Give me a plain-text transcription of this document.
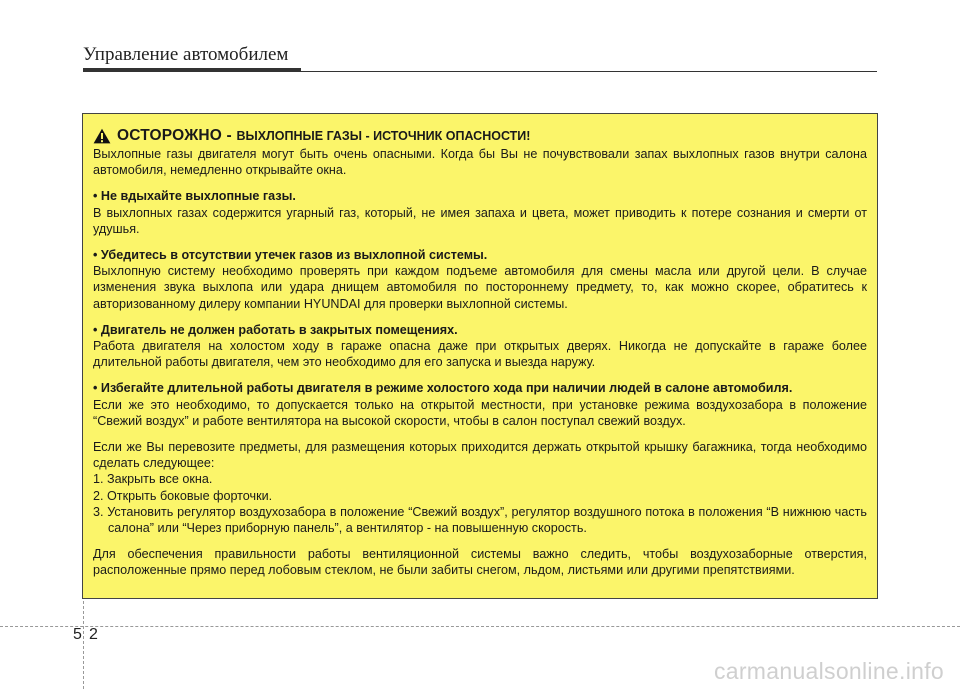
Управление автомобилем
ОСТОРОЖНО - ВЫХЛОПНЫЕ ГАЗЫ - ИСТОЧНИК ОПАСНОСТИ!

Выхлопные газы двигателя могут быть очень опасными. Когда бы Вы не почувствовали запах выхлопных газов внутри салона автомобиля, немедленно открывайте окна.

• Не вдыхайте выхлопные газы.

В выхлопных газах содержится угарный газ, который, не имея запаха и цвета, может приводить к потере сознания и смерти от удушья.

• Убедитесь в отсутствии утечек газов из выхлопной системы.

Выхлопную систему необходимо проверять при каждом подъеме автомобиля для смены масла или другой цели. В случае изменения звука выхлопа или удара днищем автомобиля по постороннему предмету, то, как можно скорее, обратитесь к авторизованному дилеру компании HYUNDAI для проверки выхлопной системы.

• Двигатель не должен работать в закрытых помещениях.

Работа двигателя на холостом ходу в гараже опасна даже при открытых дверях. Никогда не допускайте в гараже более длительной работы двигателя, чем это необходимо для его запуска и выезда наружу.

• Избегайте длительной работы двигателя в режиме холостого хода при наличии людей в салоне автомобиля.

Если же это необходимо, то допускается только на открытой местности, при установке режима воздухозабора в положение “Свежий воздух” и работе вентилятора на высокой скорости, чтобы в салон поступал свежий воздух.

Если же Вы перевозите предметы, для размещения которых приходится держать открытой крышку багажника, тогда необходимо сделать следующее:

1. Закрыть все окна.

2. Открыть боковые форточки.

3. Установить регулятор воздухозабора в положение “Свежий воздух”, регулятор воздушного потока в положения “В нижнюю часть салона” или “Через приборную панель”, а вентилятор - на повышенную скорость.

Для обеспечения правильности работы вентиляционной системы важно следить, чтобы воздухозаборные отверстия, расположенные прямо перед лобовым стеклом, не были забиты снегом, льдом, листьями или другими препятствиями.

5 2
carmanualsonline.info
